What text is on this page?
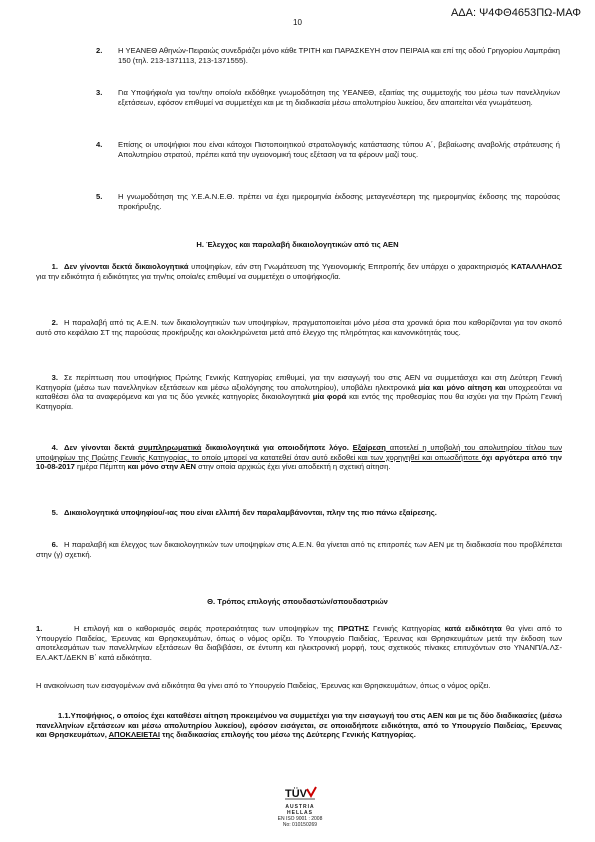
ΑΔΑ: Ψ4ΦΘ4653ΠΩ-ΜΑΦ
10
2. Η ΥΕΑΝΕΘ Αθηνών-Πειραιώς συνεδριάζει μόνο κάθε ΤΡΙΤΗ και ΠΑΡΑΣΚΕΥΗ στον ΠΕΙΡΑΙΑ και επί της οδού Γρηγορίου Λαμπράκη 150 (τηλ. 213-1371113, 213-1371555).
3. Για Υποψήφιο/α για τον/την οποίο/α εκδόθηκε γνωμοδότηση της ΥΕΑΝΕΘ, εξαιτίας της συμμετοχής του μέσω των πανελληνίων εξετάσεων, εφόσον επιθυμεί να συμμετέχει και με τη διαδικασία μέσω απολυτηρίου λυκείου, δεν απαιτείται νέα γνωμάτευση.
4. Επίσης οι υποψήφιοι που είναι κάτοχοι Πιστοποιητικού στρατολογικής κατάστασης τύπου Α΄, βεβαίωσης αναβολής στράτευσης ή Απολυτηρίου στρατού, πρέπει κατά την υγειονομική τους εξέταση να τα φέρουν μαζί τους.
5. Η γνωμοδότηση της Υ.Ε.Α.Ν.Ε.Θ. πρέπει να έχει ημερομηνία έκδοσης μεταγενέστερη της ημερομηνίας έκδοσης της παρούσας προκήρυξης.
Η. Έλεγχος και παραλαβή δικαιολογητικών από τις ΑΕΝ
1. Δεν γίνονται δεκτά δικαιολογητικά υποψηφίων, εάν στη Γνωμάτευση της Υγειονομικής Επιτροπής δεν υπάρχει ο χαρακτηρισμός ΚΑΤΑΛΛΗΛΟΣ για την ειδικότητα ή ειδικότητες για την/τις οποία/ες επιθυμεί να συμμετέχει ο υποψήφιος/ία.
2. Η παραλαβή από τις Α.Ε.Ν. των δικαιολογητικών των υποψηφίων, πραγματοποιείται μόνο μέσα στα χρονικά όρια που καθορίζονται για τον σκοπό αυτό στο κεφάλαιο ΣΤ της παρούσας προκήρυξης και ολοκληρώνεται μετά από έλεγχο της πληρότητας και κανονικότητάς τους.
3. Σε περίπτωση που υποψήφιος Πρώτης Γενικής Κατηγορίας επιθυμεί, για την εισαγωγή του στις ΑΕΝ να συμμετάσχει και στη Δεύτερη Γενική Κατηγορία (μέσω των πανελληνίων εξετάσεων και μέσω αξιολόγησης του απολυτηρίου), υποβάλει ηλεκτρονικά μία και μόνο αίτηση και υποχρεούται να καταθέσει όλα τα αναφερόμενα και για τις δύο γενικές κατηγορίες δικαιολογητικά μία φορά και εντός της προθεσμίας που θα ισχύει για την Πρώτη Γενική Κατηγορία.
4. Δεν γίνονται δεκτά συμπληρωματικά δικαιολογητικά για οποιοδήποτε λόγο. Εξαίρεση αποτελεί η υποβολή του απολυτηρίου τίτλου των υποψηφίων της Πρώτης Γενικής Κατηγορίας, το οποίο μπορεί να κατατεθεί όταν αυτό εκδοθεί και των χορηγηθεί και οπωσδήποτε όχι αργότερα από την 10-08-2017 ημέρα Πέμπτη και μόνο στην ΑΕΝ στην οποία αρχικώς έχει γίνει αποδεκτή η σχετική αίτηση.
5. Δικαιολογητικά υποψηφίου/-ιας που είναι ελλιπή δεν παραλαμβάνονται, πλην της πιο πάνω εξαίρεσης.
6. Η παραλαβή και έλεγχος των δικαιολογητικών των υποψηφίων στις Α.Ε.Ν. θα γίνεται από τις επιτροπές των ΑΕΝ με τη διαδικασία που προβλέπεται στην (γ) σχετική.
Θ. Τρόπος επιλογής σπουδαστών/σπουδαστριών
1.	Η επιλογή και ο καθορισμός σειράς προτεραιότητας των υποψηφίων της ΠΡΩΤΗΣ Γενικής Κατηγορίας κατά ειδικότητα θα γίνει από το Υπουργείο Παιδείας, Έρευνας και Θρησκευμάτων, όπως ο νόμος ορίζει. Το Υπουργείο Παιδείας, Έρευνας και Θρησκευμάτων μετά την έκδοση των αποτελεσμάτων των πανελληνίων εξετάσεων θα διαβιβάσει, σε έντυπη και ηλεκτρονική μορφή, τους σχετικούς πίνακες επιτυχόντων στο ΥΝΑΝΠ/Α.ΛΣ-ΕΛ.ΑΚΤ./ΔΕΚΝ Β΄ κατά ειδικότητα.
Η ανακοίνωση των εισαγομένων ανά ειδικότητα θα γίνει από το Υπουργείο Παιδείας, Έρευνας και Θρησκευμάτων, όπως ο νόμος ορίζει.
1.1.Υποψήφιος, ο οποίος έχει καταθέσει αίτηση προκειμένου να συμμετέχει για την εισαγωγή του στις ΑΕΝ και με τις δύο διαδικασίες (μέσω πανελληνίων εξετάσεων και μέσω απολυτηρίου λυκείου), εφόσον εισάγεται, σε οποιαδήποτε ειδικότητα, από το Υπουργείο Παιδείας, Έρευνας και Θρησκευμάτων, ΑΠΟΚΛΕΙΕΤΑΙ της διαδικασίας επιλογής του μέσω της Δεύτερης Γενικής Κατηγορίας.
TÜV
AUSTRIA
HELLAS
EN ISO 9001 : 2008
No: 010150269
